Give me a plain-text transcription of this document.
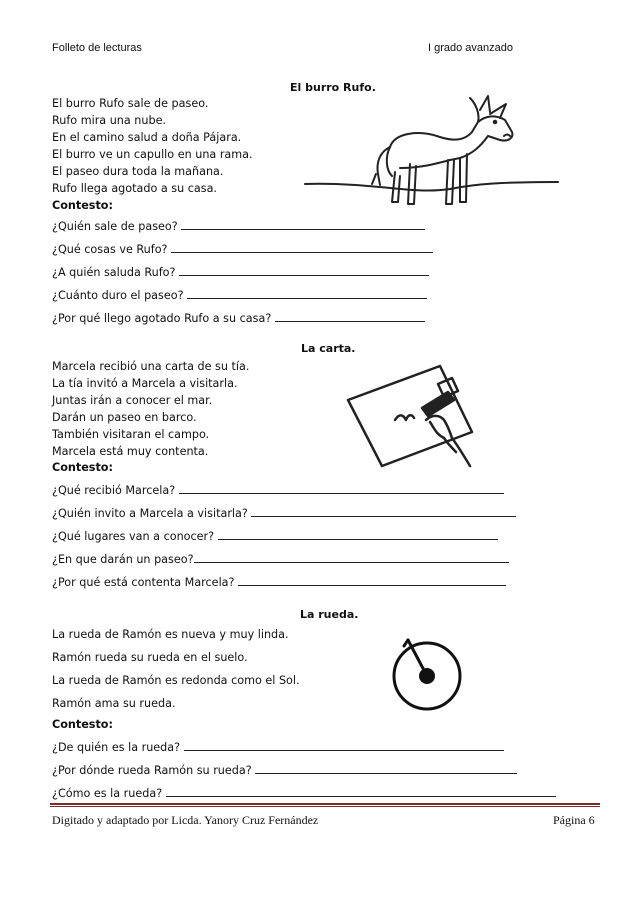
Folleto de lecturas	I grado avanzado
El burro Rufo.
El burro Rufo sale de paseo.
Rufo mira una nube.
En el camino salud a doña Pájara.
El burro ve un capullo en una rama.
El paseo dura toda la mañana.
Rufo llega agotado a su casa.
Contesto:
¿Quién sale de paseo?
¿Qué cosas ve Rufo?
¿A quién saluda Rufo?
¿Cuánto duro el paseo?
¿Por qué llego agotado Rufo a su casa?
La carta.
Marcela recibió una carta de su tía.
La tía invitó a Marcela a visitarla.
Juntas irán a conocer el mar.
Darán un paseo en barco.
También visitaran el campo.
Marcela está muy contenta.
Contesto:
¿Qué recibió Marcela?
¿Quién invito a Marcela a visitarla?
¿Qué lugares van a conocer?
¿En que darán un paseo?
¿Por qué está contenta Marcela?
La rueda.
La rueda de Ramón es nueva y muy linda.
Ramón rueda su rueda en el suelo.
La rueda de Ramón es redonda como el Sol.
Ramón ama su rueda.
Contesto:
¿De quién es la rueda?
¿Por dónde rueda Ramón su rueda?
¿Cómo es la rueda?
Digitado y adaptado por Licda. Yanory Cruz Fernández	Página 6
